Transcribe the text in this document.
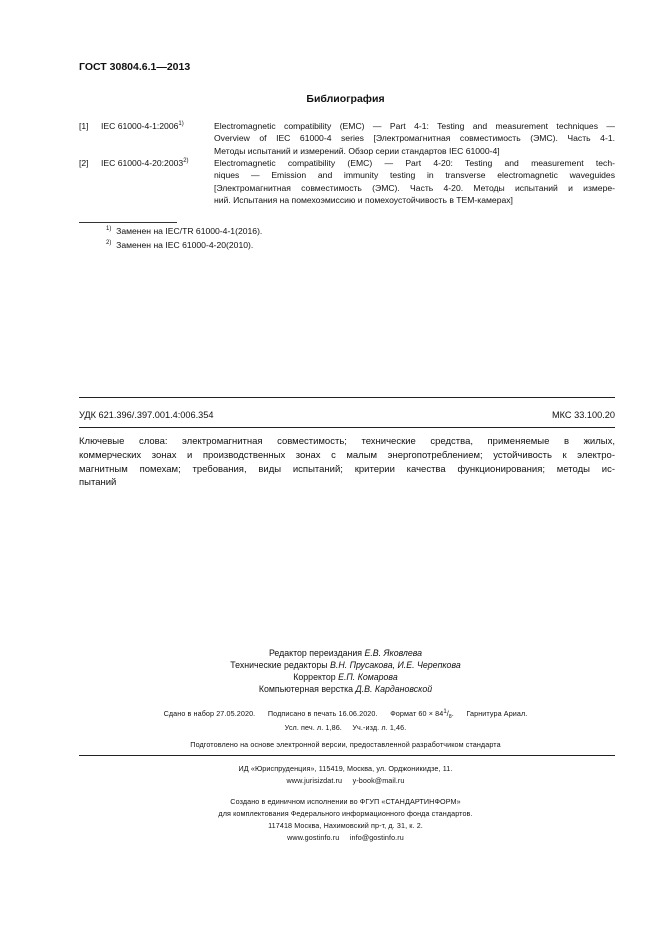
ГОСТ 30804.6.1—2013
Библиография
[1] IEC 61000-4-1:2006$^{1)}$	Electromagnetic compatibility (EMC) — Part 4-1: Testing and measurement techniques —
Overview of IEC 61000-4 series [Электромагнитная совместимость (ЭМС). Часть 4-1.
Методы испытаний и измерений. Обзор серии стандартов IEC 61000-4]
[2] IEC 61000-4-20:2003$^{2)}$	Electromagnetic compatibility (EMC) — Part 4-20: Testing and measurement tech-
niques — Emission and immunity testing in transverse electromagnetic waveguides
[Электромагнитная совместимость (ЭМС). Часть 4-20. Методы испытаний и измере-
ний. Испытания на помехоэмиссию и помехоустойчивость в ТЕМ-камерах]
$^{1)}$ Заменен на IEC/TR 61000-4-1(2016).
$^{2)}$ Заменен на IEC 61000-4-20(2010).
УДК 621.396/.397.001.4:006.354	МКС 33.100.20
Ключевые слова: электромагнитная совместимость; технические средства, применяемые в жилых,
коммерческих зонах и производственных зонах с малым энергопотреблением; устойчивость к электро-
магнитным помехам; требования, виды испытаний; критерии качества функционирования; методы ис-
пытаний
Редактор переиздания Е.В. Яковлева
Технические редакторы В.Н. Прусакова, И.Е. Черепкова
Корректор Е.П. Комарова
Компьютерная верстка Д.В. Кардановской
Сдано в набор 27.05.2020. Подписано в печать 16.06.2020. Формат $60 \times 84^1/_8$. Гарнитура Ариал.
Усл. печ. л. 1,86.     Уч.-изд. л. 1,46.
Подготовлено на основе электронной версии, предоставленной разработчиком стандарта
ИД «Юриспруденция», 115419, Москва, ул. Орджоникидзе, 11.
www.jurisizdat.ru     y-book@mail.ru
Создано в единичном исполнении во ФГУП «СТАНДАРТИНФОРМ»
для комплектования Федерального информационного фонда стандартов.
117418 Москва, Нахимовский пр-т, д. 31, к. 2.
www.gostinfo.ru     info@gostinfo.ru
